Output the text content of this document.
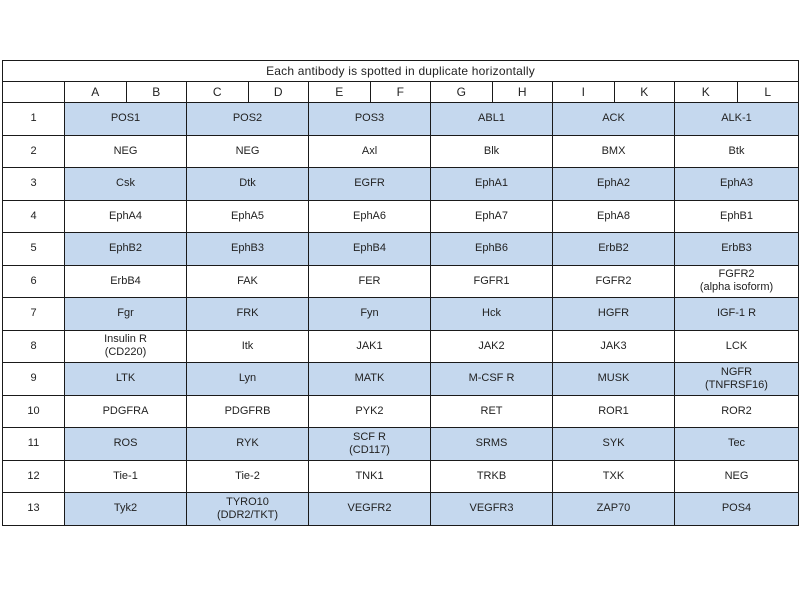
Each antibody is spotted in duplicate horizontally						

A B	C D	E F	G H	I K	K L

1	POS1	POS2	POS3	ABL1	ACK	ALK-1

2	NEG	NEG	Axl	Blk	BMX	Btk

3	Csk	Dtk	EGFR	EphA1	EphA2	EphA3

4	EphA4	EphA5	EphA6	EphA7	EphA8	EphB1

5	EphB2	EphB3	EphB4	EphB6	ErbB2	ErbB3

6	ErbB4	FAK	FER	FGFR1	FGFR2	FGFR2
(alpha isoform)

7	Fgr	FRK	Fyn	Hck	HGFR	IGF-1 R

8	Insulin R
(CD220)	Itk	JAK1	JAK2	JAK3	LCK

9	LTK	Lyn	MATK	M-CSF R	MUSK	NGFR
(TNFRSF16)

10	PDGFRA	PDGFRB	PYK2	RET	ROR1	ROR2

11	ROS	RYK	SCF R
(CD117)	SRMS	SYK	Tec

12	Tie-1	Tie-2	TNK1	TRKB	TXK	NEG

13	Tyk2	TYRO10
(DDR2/TKT)	VEGFR2	VEGFR3	ZAP70	POS4
